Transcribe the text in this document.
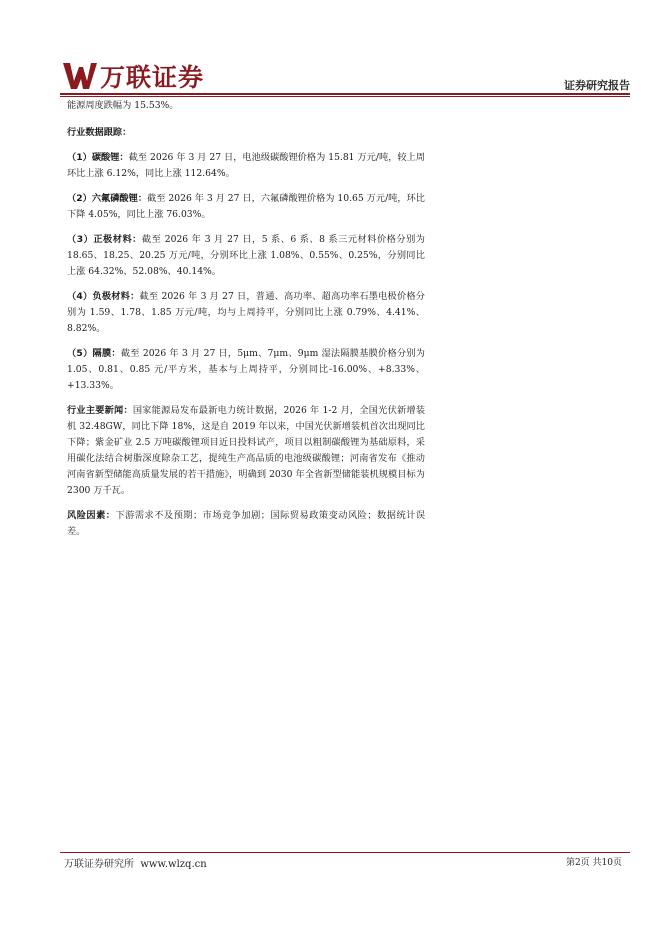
万联证券	证券研究报告

能源周度跌幅为 15.53%。

行业数据跟踪：

（1）碳酸锂：截至 2026 年 3 月 27 日，电池级碳酸锂价格为 15.81 万元/吨，较上周环比上涨 6.12%，同比上涨 112.64%。

（2）六氟磷酸锂：截至 2026 年 3 月 27 日，六氟磷酸锂价格为 10.65 万元/吨，环比下降 4.05%，同比上涨 76.03%。

（3）正极材料：截至 2026 年 3 月 27 日，5 系、6 系、8 系三元材料价格分别为 18.65、18.25、20.25 万元/吨，分别环比上涨 1.08%、0.55%、0.25%，分别同比上涨 64.32%、52.08%、40.14%。

（4）负极材料：截至 2026 年 3 月 27 日，普通、高功率、超高功率石墨电极价格分别为 1.59、1.78、1.85 万元/吨，均与上周持平，分别同比上涨 0.79%、4.41%、8.82%。

（5）隔膜：截至 2026 年 3 月 27 日，5μm、7μm、9μm 湿法隔膜基膜价格分别为 1.05、0.81、0.85 元/平方米，基本与上周持平，分别同比-16.00%、+8.33%、+13.33%。

行业主要新闻：国家能源局发布最新电力统计数据，2026 年 1-2 月，全国光伏新增装机 32.48GW，同比下降 18%，这是自 2019 年以来，中国光伏新增装机首次出现同比下降；紫金矿业 2.5 万吨碳酸锂项目近日投料试产，项目以粗制碳酸锂为基础原料，采用碳化法结合树脂深度除杂工艺，提纯生产高品质的电池级碳酸锂；河南省发布《推动河南省新型储能高质量发展的若干措施》，明确到 2030 年全省新型储能装机规模目标为 2300 万千瓦。

风险因素：下游需求不及预期；市场竞争加剧；国际贸易政策变动风险；数据统计误差。

万联证券研究所 www.wlzq.cn	第2页 共10页
